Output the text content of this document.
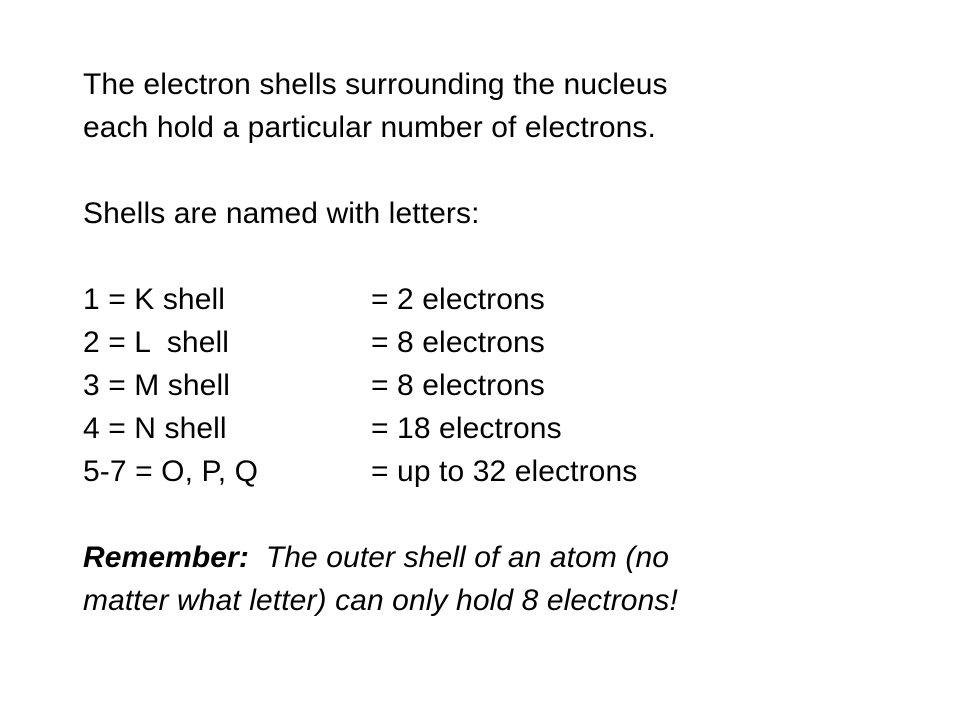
The electron shells surrounding the nucleus
each hold a particular number of electrons.
Shells are named with letters:
1 = K shell	= 2 electrons
2 = L  shell	= 8 electrons
3 = M shell	= 8 electrons
4 = N shell	= 18 electrons
5-7 = O, P, Q	= up to 32 electrons
Remember:  The outer shell of an atom (no
matter what letter) can only hold 8 electrons!
